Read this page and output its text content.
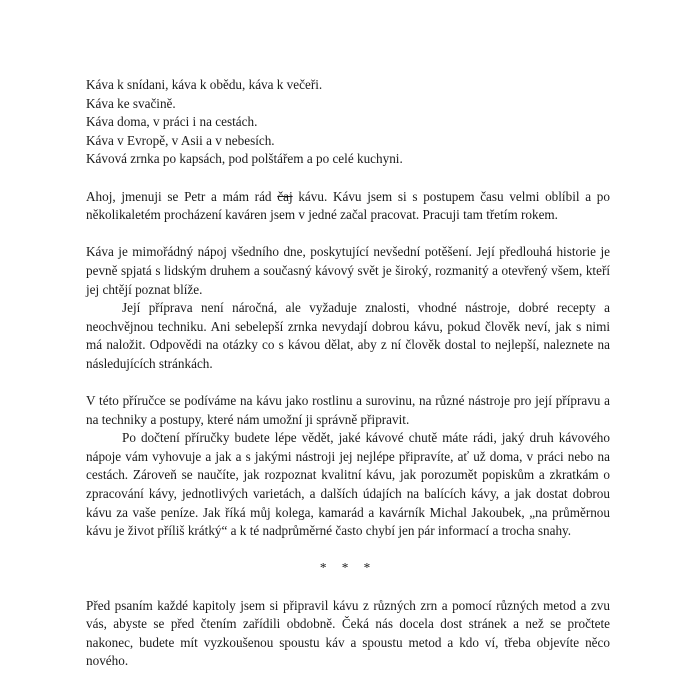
Káva k snídani, káva k obědu, káva k večeři.

Káva ke svačině.

Káva doma, v práci i na cestách.

Káva v Evropě, v Asii a v nebesích.

Kávová zrnka po kapsách, pod polštářem a po celé kuchyni.

Ahoj, jmenuji se Petr a mám rád čaj kávu. Kávu jsem si s postupem času velmi oblíbil a po několikaletém procházení kaváren jsem v jedné začal pracovat. Pracuji tam třetím rokem.

Káva je mimořádný nápoj všedního dne, poskytující nevšední potěšení. Její předlouhá historie je pevně spjatá s lidským druhem a současný kávový svět je široký, rozmanitý a otevřený všem, kteří jej chtějí poznat blíže.

Její příprava není náročná, ale vyžaduje znalosti, vhodné nástroje, dobré recepty a neochvějnou techniku. Ani sebelepší zrnka nevydají dobrou kávu, pokud člověk neví, jak s nimi má naložit. Odpovědi na otázky co s kávou dělat, aby z ní člověk dostal to nejlepší, naleznete na následujících stránkách.

V této příručce se podíváme na kávu jako rostlinu a surovinu, na různé nástroje pro její přípravu a na techniky a postupy, které nám umožní ji správně připravit.

Po dočtení příručky budete lépe vědět, jaké kávové chutě máte rádi, jaký druh kávového nápoje vám vyhovuje a jak a s jakými nástroji jej nejlépe připravíte, ať už doma, v práci nebo na cestách. Zároveň se naučíte, jak rozpoznat kvalitní kávu, jak porozumět popiskům a zkratkám o zpracování kávy, jednotlivých varietách, a dalších údajích na balících kávy, a jak dostat dobrou kávu za vaše peníze. Jak říká můj kolega, kamarád a kavárník Michal Jakoubek, „na průměrnou kávu je život příliš krátký“ a k té nadprůměrné často chybí jen pár informací a trocha snahy.

* * *

Před psaním každé kapitoly jsem si připravil kávu z různých zrn a pomocí různých metod a zvu vás, abyste se před čtením zařídili obdobně. Čeká nás docela dost stránek a než se pročtete nakonec, budete mít vyzkoušenou spoustu káv a spoustu metod a kdo ví, třeba objevíte něco nového.
